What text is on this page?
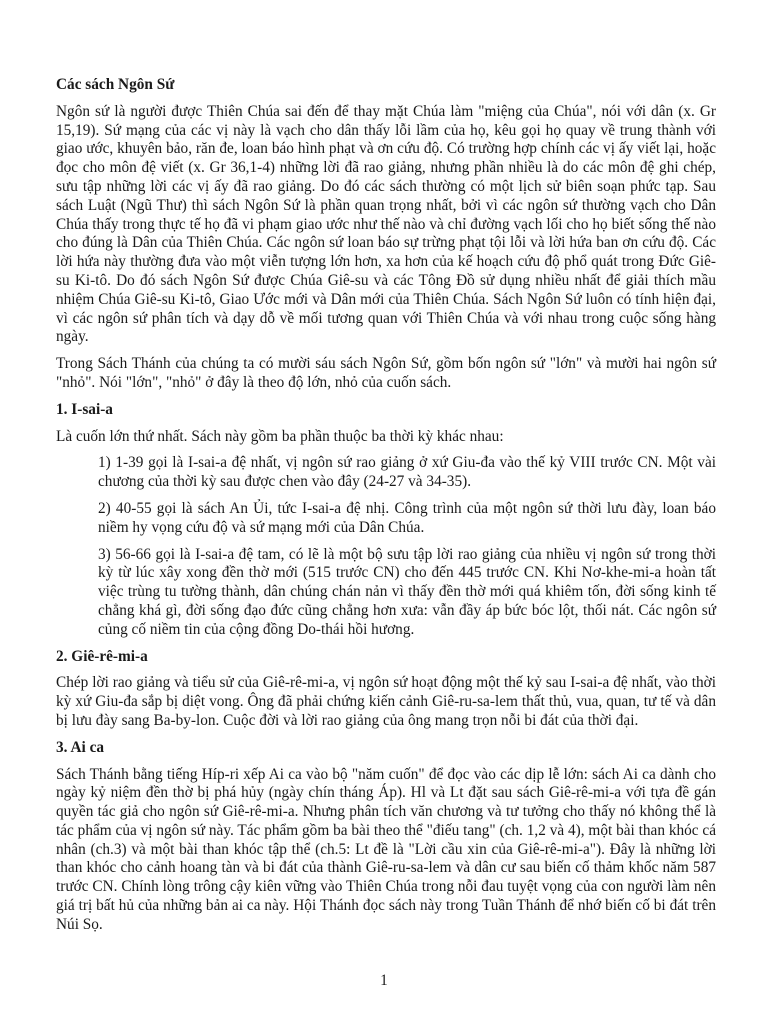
Các sách Ngôn Sứ

Ngôn sứ là người được Thiên Chúa sai đến để thay mặt Chúa làm "miệng của Chúa", nói với dân (x. Gr 15,19). Sứ mạng của các vị này là vạch cho dân thấy lỗi lầm của họ, kêu gọi họ quay về trung thành với giao ước, khuyên bảo, răn đe, loan báo hình phạt và ơn cứu độ. Có trường hợp chính các vị ấy viết lại, hoặc đọc cho môn đệ viết (x. Gr 36,1-4) những lời đã rao giảng, nhưng phần nhiều là do các môn đệ ghi chép, sưu tập những lời các vị ấy đã rao giảng. Do đó các sách thường có một lịch sử biên soạn phức tạp. Sau sách Luật (Ngũ Thư) thì sách Ngôn Sứ là phần quan trọng nhất, bởi vì các ngôn sứ thường vạch cho Dân Chúa thấy trong thực tế họ đã vi phạm giao ước như thế nào và chỉ đường vạch lối cho họ biết sống thế nào cho đúng là Dân của Thiên Chúa. Các ngôn sứ loan báo sự trừng phạt tội lỗi và lời hứa ban ơn cứu độ. Các lời hứa này thường đưa vào một viễn tượng lớn hơn, xa hơn của kế hoạch cứu độ phổ quát trong Đức Giê-su Ki-tô. Do đó sách Ngôn Sứ được Chúa Giê-su và các Tông Đồ sử dụng nhiều nhất để giải thích mầu nhiệm Chúa Giê-su Ki-tô, Giao Ước mới và Dân mới của Thiên Chúa. Sách Ngôn Sứ luôn có tính hiện đại, vì các ngôn sứ phân tích và dạy dỗ về mối tương quan với Thiên Chúa và với nhau trong cuộc sống hàng ngày.

Trong Sách Thánh của chúng ta có mười sáu sách Ngôn Sứ, gồm bốn ngôn sứ "lớn" và mười hai ngôn sứ "nhỏ". Nói "lớn", "nhỏ" ở đây là theo độ lớn, nhỏ của cuốn sách.

1. I-sai-a

Là cuốn lớn thứ nhất. Sách này gồm ba phần thuộc ba thời kỳ khác nhau:

1) 1-39 gọi là I-sai-a đệ nhất, vị ngôn sứ rao giảng ở xứ Giu-đa vào thế kỷ VIII trước CN. Một vài chương của thời kỳ sau được chen vào đây (24-27 và 34-35).

2) 40-55 gọi là sách An Ủi, tức I-sai-a đệ nhị. Công trình của một ngôn sứ thời lưu đày, loan báo niềm hy vọng cứu độ và sứ mạng mới của Dân Chúa.

3) 56-66 gọi là I-sai-a đệ tam, có lẽ là một bộ sưu tập lời rao giảng của nhiều vị ngôn sứ trong thời kỳ từ lúc xây xong đền thờ mới (515 trước CN) cho đến 445 trước CN. Khi Nơ-khe-mi-a hoàn tất việc trùng tu tường thành, dân chúng chán nản vì thấy đền thờ mới quá khiêm tốn, đời sống kinh tế chẳng khá gì, đời sống đạo đức cũng chẳng hơn xưa: vẫn đầy áp bức bóc lột, thối nát. Các ngôn sứ củng cố niềm tin của cộng đồng Do-thái hồi hương.

2. Giê-rê-mi-a

Chép lời rao giảng và tiểu sử của Giê-rê-mi-a, vị ngôn sứ hoạt động một thế kỷ sau I-sai-a đệ nhất, vào thời kỳ xứ Giu-đa sắp bị diệt vong. Ông đã phải chứng kiến cảnh Giê-ru-sa-lem thất thủ, vua, quan, tư tế và dân bị lưu đày sang Ba-by-lon. Cuộc đời và lời rao giảng của ông mang trọn nỗi bi đát của thời đại.

3. Ai ca

Sách Thánh bằng tiếng Híp-ri xếp Ai ca vào bộ "năm cuốn" để đọc vào các dịp lễ lớn: sách Ai ca dành cho ngày kỷ niệm đền thờ bị phá hủy (ngày chín tháng Áp). Hl và Lt đặt sau sách Giê-rê-mi-a với tựa đề gán quyền tác giả cho ngôn sứ Giê-rê-mi-a. Nhưng phân tích văn chương và tư tưởng cho thấy nó không thể là tác phẩm của vị ngôn sứ này. Tác phẩm gồm ba bài theo thể "điếu tang" (ch. 1,2 và 4), một bài than khóc cá nhân (ch.3) và một bài than khóc tập thể (ch.5: Lt đề là "Lời cầu xin của Giê-rê-mi-a"). Đây là những lời than khóc cho cảnh hoang tàn và bi đát của thành Giê-ru-sa-lem và dân cư sau biến cố thảm khốc năm 587 trước CN. Chính lòng trông cậy kiên vững vào Thiên Chúa trong nỗi đau tuyệt vọng của con người làm nên giá trị bất hủ của những bản ai ca này. Hội Thánh đọc sách này trong Tuần Thánh để nhớ biến cố bi đát trên Núi Sọ.

1
